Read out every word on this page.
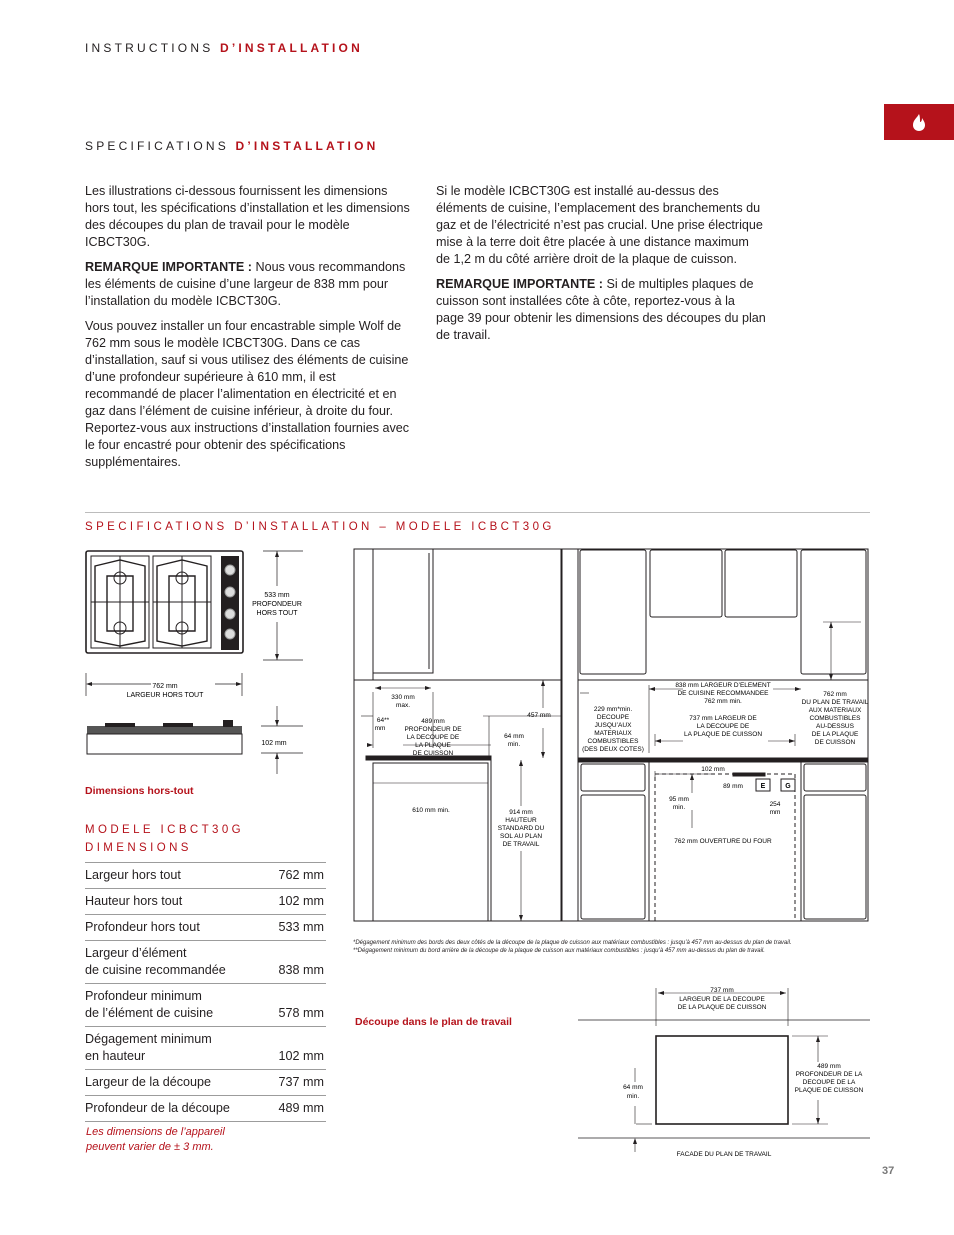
INSTRUCTIONS D’INSTALLATION
SPECIFICATIONS D’INSTALLATION

Les illustrations ci-dessous fournissent les dimensions hors tout, les spécifications d’installation et les dimensions des découpes du plan de travail pour le modèle ICBCT30G.

REMARQUE IMPORTANTE : Nous vous recommandons les éléments de cuisine d’une largeur de 838 mm pour l’installation du modèle ICBCT30G.

Vous pouvez installer un four encastrable simple Wolf de 762 mm sous le modèle ICBCT30G. Dans ce cas d’installation, sauf si vous utilisez des éléments de cuisine d’une profondeur supérieure à 610 mm, il est recommandé de placer l’alimentation en électricité et en gaz dans l’élément de cuisine inférieur, à droite du four. Reportez-vous aux instructions d’installation fournies avec le four encastré pour obtenir des spécifications supplémentaires.

Si le modèle ICBCT30G est installé au-dessus des éléments de cuisine, l’emplacement des branchements du gaz et de l’électricité n’est pas crucial. Une prise électrique mise à la terre doit être placée à une distance maximum de 1,2 m du côté arrière droit de la plaque de cuisson.

REMARQUE IMPORTANTE : Si de multiples plaques de cuisson sont installées côte à côte, reportez-vous à la page 39 pour obtenir les dimensions des découpes du plan de travail.

SPECIFICATIONS D’INSTALLATION – MODELE ICBCT30G
533 mm PROFONDEUR HORS TOUT
762 mm LARGEUR HORS TOUT
102 mm
Dimensions hors-tout
MODELE ICBCT30G
DIMENSIONS
Largeur hors tout	762 mm
Hauteur hors tout	102 mm
Profondeur hors tout	533 mm
Largeur d’élément
de cuisine recommandée	838 mm
Profondeur minimum
de l’élément de cuisine	578 mm
Dégagement minimum
en hauteur	102 mm
Largeur de la découpe	737 mm
Profondeur de la découpe	489 mm
Les dimensions de l’appareil
peuvent varier de ± 3 mm.
330 mm max.
64** mm
489 mm PROFONDEUR DE LA DECOUPE DE LA PLAQUE DE CUISSON
64 mm min.
457 mm
610 mm min.	914 mm HAUTEUR STANDARD DU SOL AU PLAN DE TRAVAIL
229 mm*min. DECOUPE JUSQU’AUX MATERIAUX COMBUSTIBLES (DES DEUX COTES)
838 mm LARGEUR D’ELEMENT DE CUISINE RECOMMANDEE 762 mm min.
737 mm LARGEUR DE LA DECOUPE DE LA PLAQUE DE CUISSON
762 mm DU PLAN DE TRAVAIL AUX MATERIAUX COMBUSTIBLES AU-DESSUS DE LA PLAQUE DE CUISSON
102 mm
89 mm	E	G
95 mm min.	254 mm
762 mm OUVERTURE DU FOUR
*Dégagement minimum des bords des deux côtés de la découpe de la plaque de cuisson aux matériaux combustibles : jusqu’à 457 mm au-dessus du plan de travail.
**Dégagement minimum du bord arrière de la découpe de la plaque de cuisson aux matériaux combustibles : jusqu’à 457 mm au-dessus du plan de travail.
Découpe dans le plan de travail
737 mm LARGEUR DE LA DECOUPE DE LA PLAQUE DE CUISSON
489 mm PROFONDEUR DE LA DECOUPE DE LA PLAQUE DE CUISSON
64 mm min.
FACADE DU PLAN DE TRAVAIL
37
